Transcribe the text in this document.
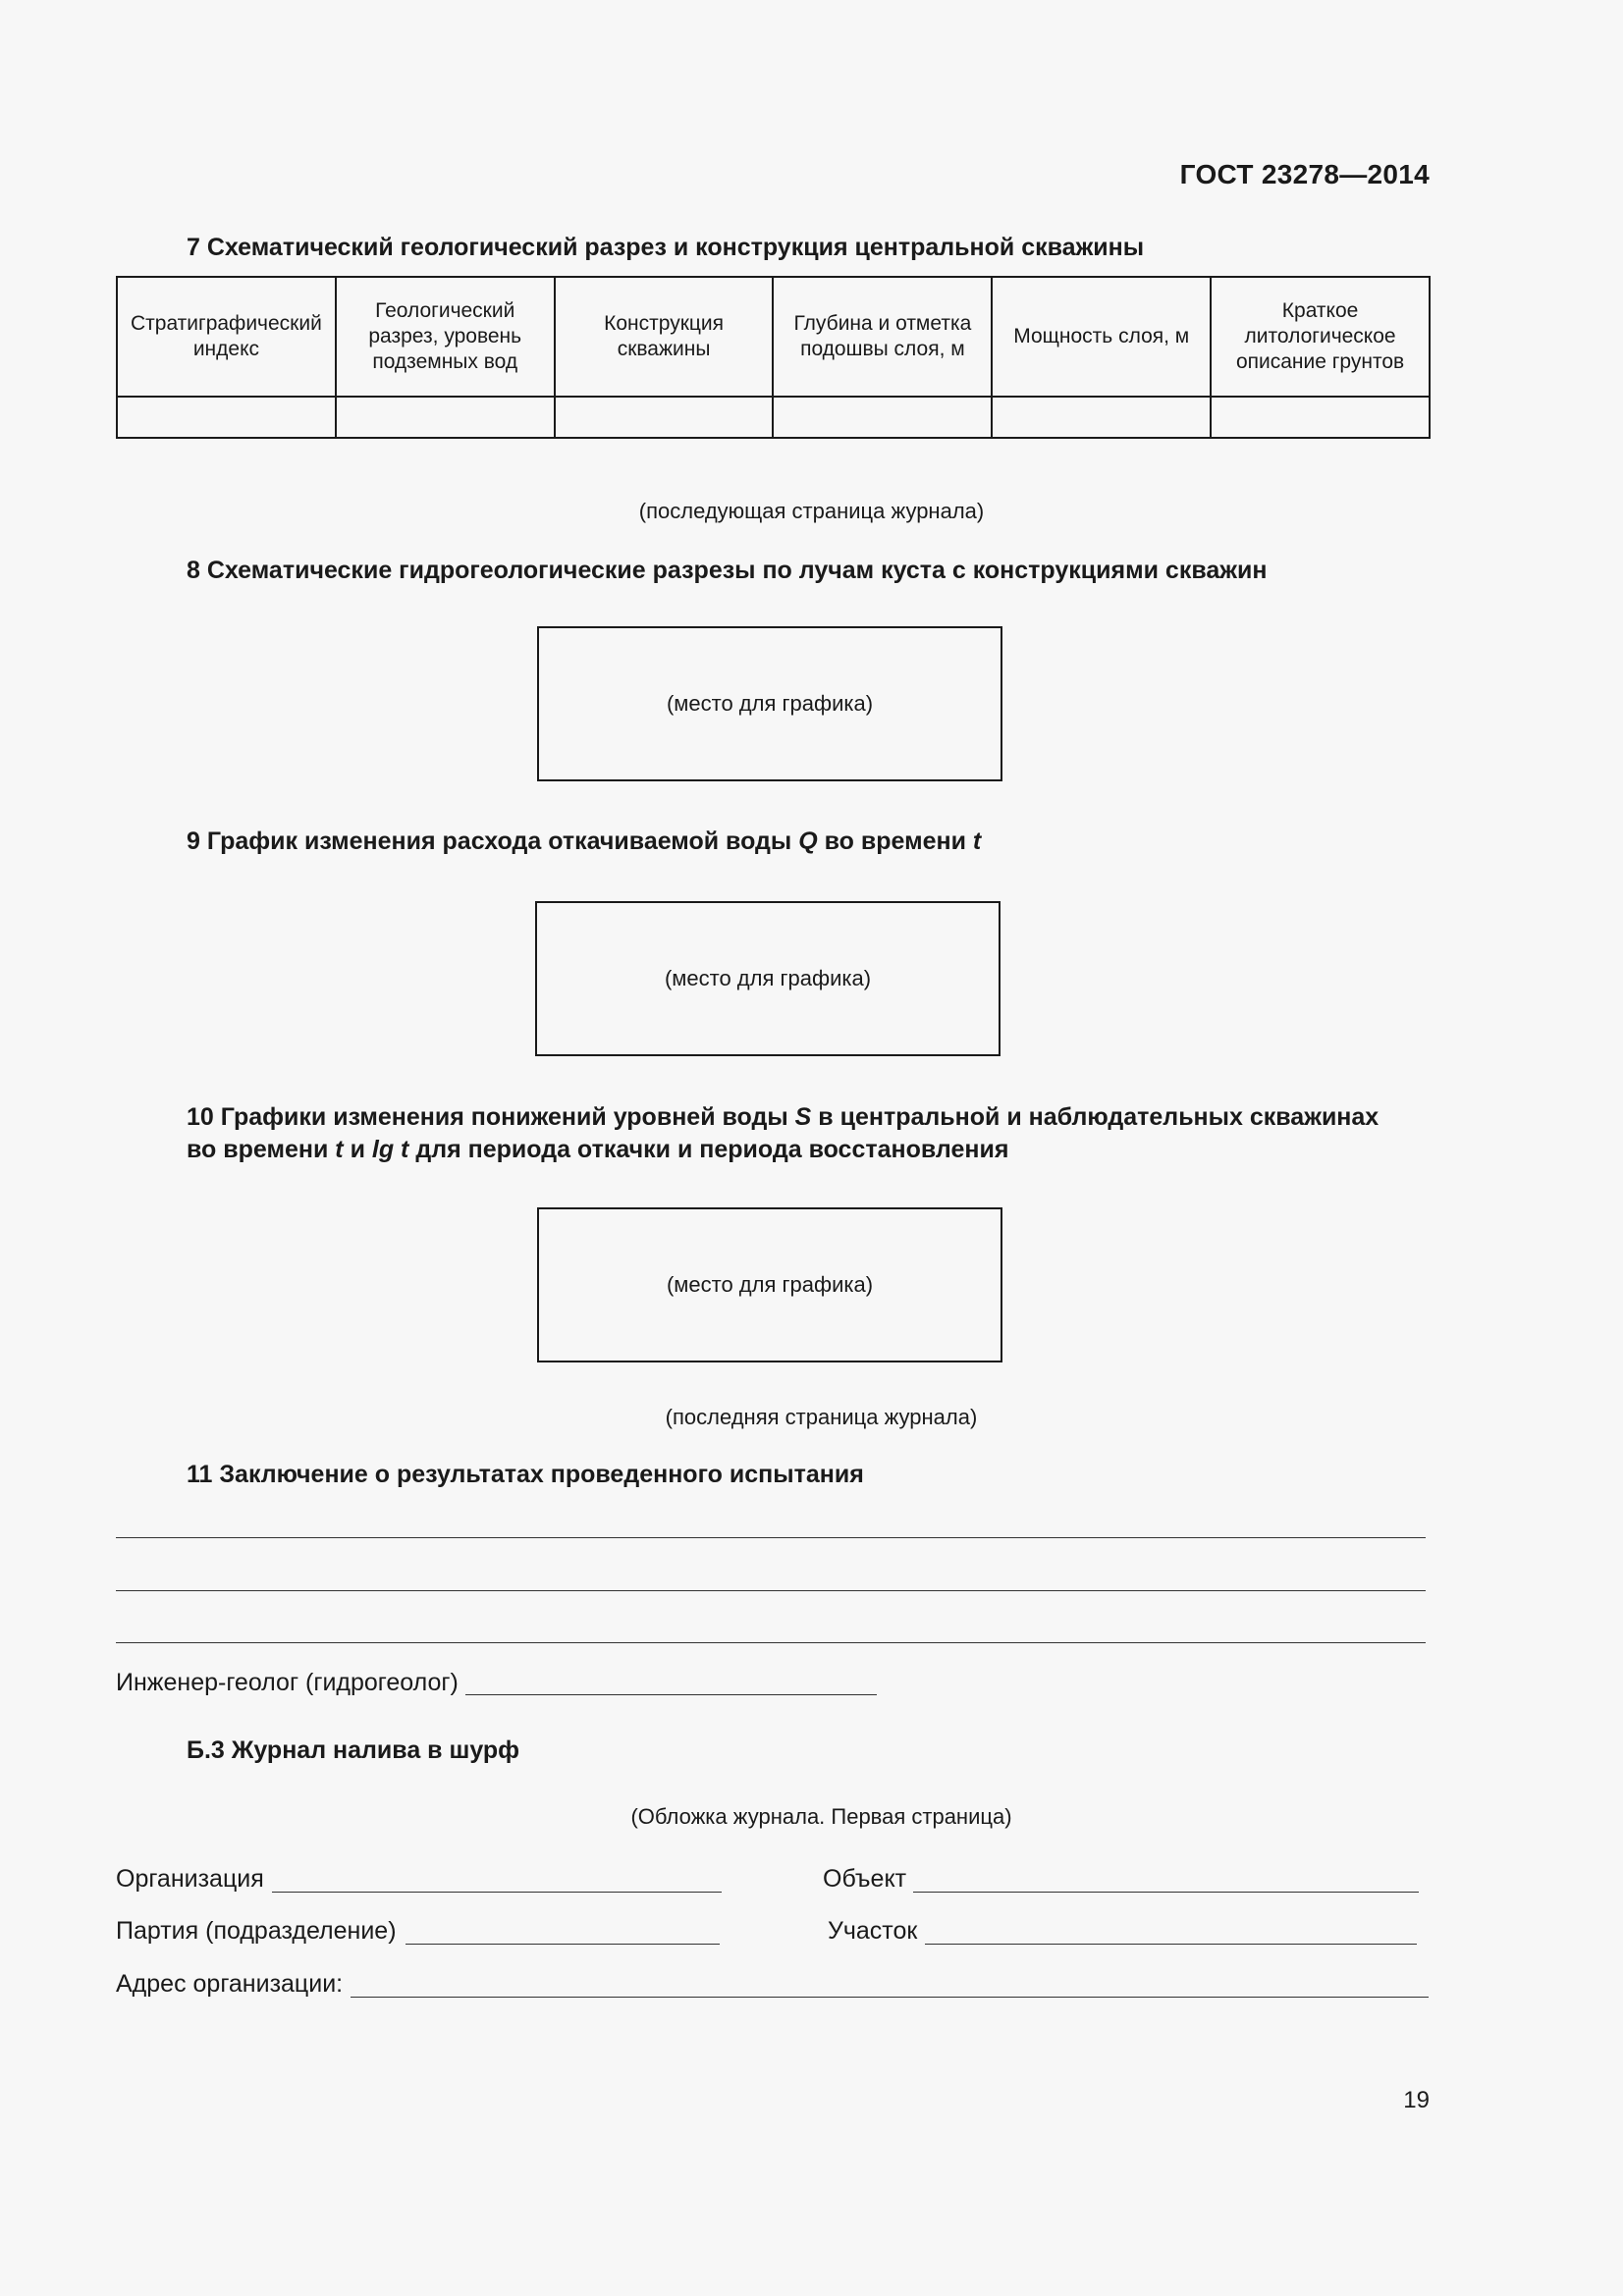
ГОСТ 23278—2014
7 Схематический геологический разрез и конструкция центральной скважины
Стратиграфический индекс	Геологический разрез, уровень подземных вод	Конструкция скважины	Глубина и отметка подошвы слоя, м	Мощность слоя, м	Краткое литологическое описание грунтов

(последующая страница журнала)
8 Схематические гидрогеологические разрезы по лучам куста с конструкциями скважин
(место для графика)
9 График изменения расхода откачиваемой воды Q во времени t
(место для графика)
10 Графики изменения понижений уровней воды S в центральной и наблюдательных скважинах
во времени t и lg t для периода откачки и периода восстановления
(место для графика)
(последняя страница журнала)
11 Заключение о результатах проведенного испытания
Инженер-геолог (гидрогеолог)
Б.3 Журнал налива в шурф
(Обложка журнала. Первая страница)
Организация	Объект
Партия (подразделение)	Участок
Адрес организации:
19
